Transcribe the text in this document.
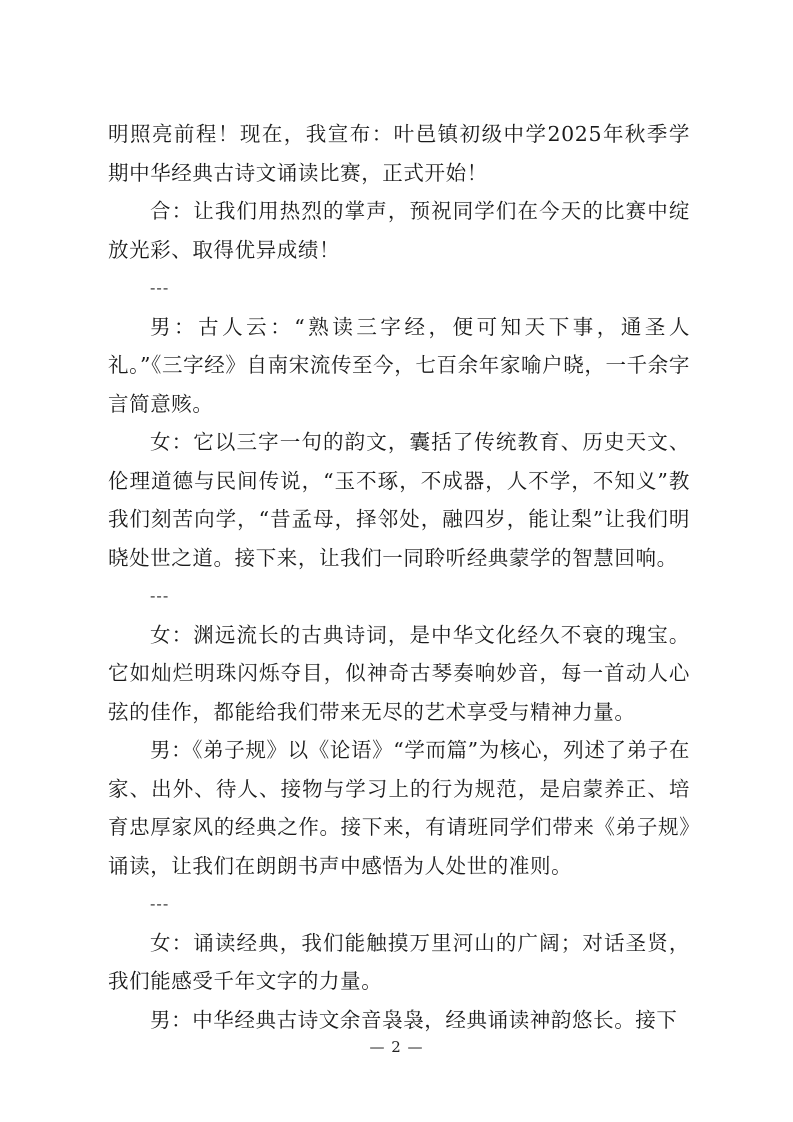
明照亮前程！现在，我宣布：叶邑镇初级中学2025年秋季学期中华经典古诗文诵读比赛，正式开始！

合：让我们用热烈的掌声，预祝同学们在今天的比赛中绽放光彩、取得优异成绩！

---

男：古人云：“熟读三字经，便可知天下事，通圣人礼。”《三字经》自南宋流传至今，七百余年家喻户晓，一千余字言简意赅。

女：它以三字一句的韵文，囊括了传统教育、历史天文、伦理道德与民间传说，“玉不琢，不成器，人不学，不知义”教我们刻苦向学，“昔孟母，择邻处，融四岁，能让梨”让我们明晓处世之道。接下来，让我们一同聆听经典蒙学的智慧回响。

---

女：渊远流长的古典诗词，是中华文化经久不衰的瑰宝。它如灿烂明珠闪烁夺目，似神奇古琴奏响妙音，每一首动人心弦的佳作，都能给我们带来无尽的艺术享受与精神力量。

男：《弟子规》以《论语》“学而篇”为核心，列述了弟子在家、出外、待人、接物与学习上的行为规范，是启蒙养正、培育忠厚家风的经典之作。接下来，有请班同学们带来《弟子规》诵读，让我们在朗朗书声中感悟为人处世的准则。

---

女：诵读经典，我们能触摸万里河山的广阔；对话圣贤，我们能感受千年文字的力量。

男：中华经典古诗文余音袅袅，经典诵读神韵悠长。接下

— 2 —
